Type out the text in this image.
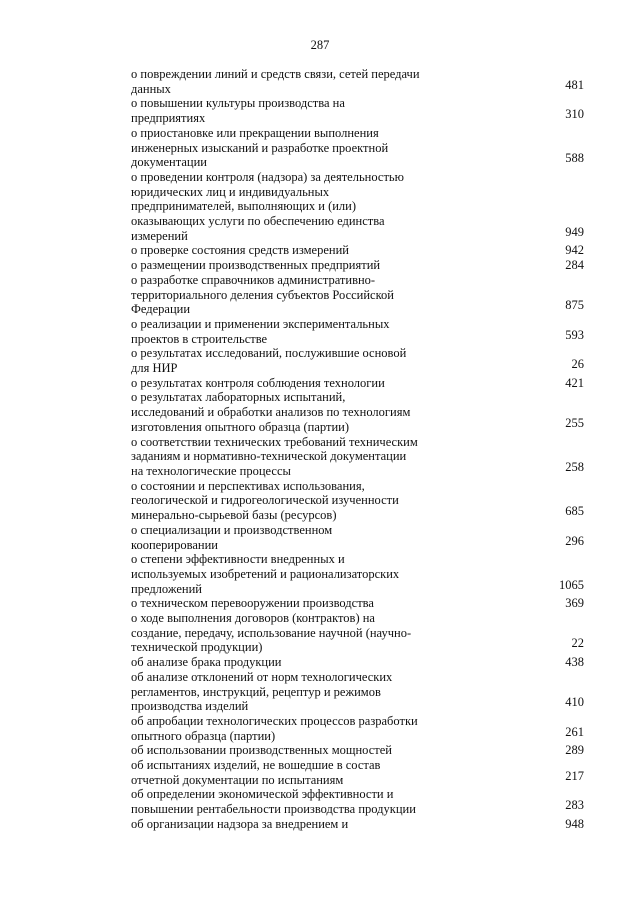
287
о повреждении линий и средств связи, сетей передачи
данных	481
о повышении культуры производства на
предприятиях	310
о приостановке или прекращении выполнения
инженерных изысканий и разработке проектной
документации	588
о проведении контроля (надзора) за деятельностью
юридических лиц и индивидуальных
предпринимателей, выполняющих и (или)
оказывающих услуги по обеспечению единства
измерений	949
о проверке состояния средств измерений	942
о размещении производственных предприятий	284
о разработке справочников административно-
территориального деления субъектов Российской
Федерации	875
о реализации и применении экспериментальных
проектов в строительстве	593
о результатах исследований, послужившие основой
для НИР	26
о результатах контроля соблюдения технологии	421
о результатах лабораторных испытаний,
исследований и обработки анализов по технологиям
изготовления опытного образца (партии)	255
о соответствии технических требований техническим
заданиям и нормативно-технической документации
на технологические процессы	258
о состоянии и перспективах использования,
геологической и гидрогеологической изученности
минерально-сырьевой базы (ресурсов)	685
о специализации и производственном
кооперировании	296
о степени эффективности внедренных и
используемых изобретений и рационализаторских
предложений	1065
о техническом перевооружении производства	369
о ходе выполнения договоров (контрактов) на
создание, передачу, использование научной (научно-
технической продукции)	22
об анализе брака продукции	438
об анализе отклонений от норм технологических
регламентов, инструкций, рецептур и режимов
производства изделий	410
об апробации технологических процессов разработки
опытного образца (партии)	261
об использовании производственных мощностей	289
об испытаниях изделий, не вошедшие в состав
отчетной документации по испытаниям	217
об определении экономической эффективности и
повышении рентабельности производства продукции	283
об организации надзора за внедрением и	948
